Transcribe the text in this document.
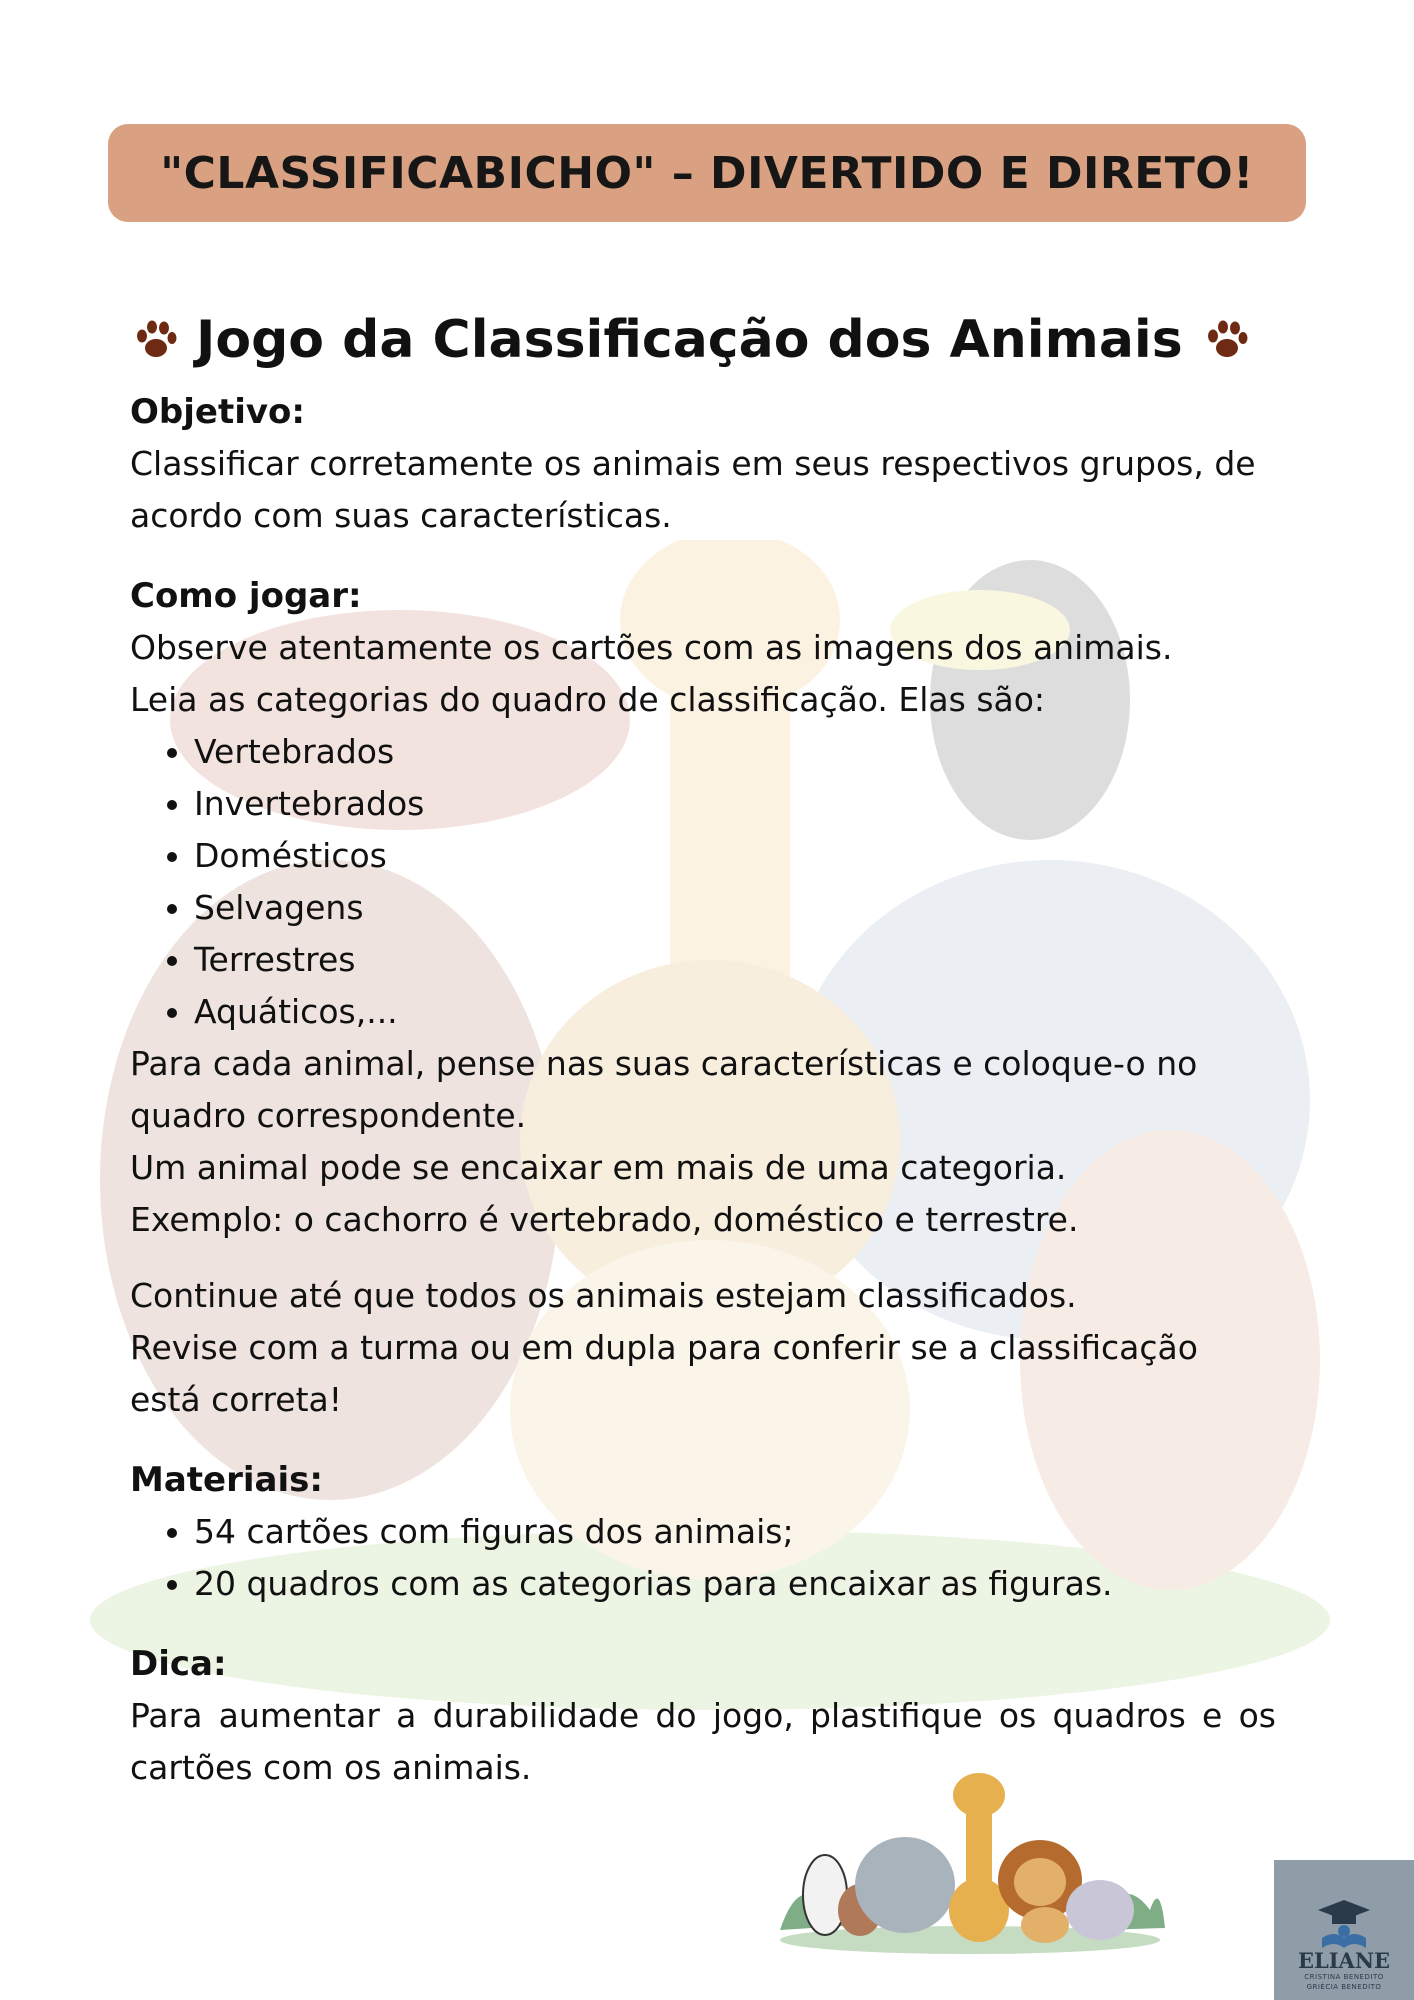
"CLASSIFICABICHO" – DIVERTIDO E DIRETO!
Jogo da Classificação dos Animais

Objetivo:

Classificar corretamente os animais em seus respectivos grupos, de acordo com suas características.

Como jogar:

Observe atentamente os cartões com as imagens dos animais.

Leia as categorias do quadro de classificação. Elas são:

• Vertebrados
• Invertebrados
• Domésticos
• Selvagens
• Terrestres
• Aquáticos,...

Para cada animal, pense nas suas características e coloque-o no quadro correspondente.

Um animal pode se encaixar em mais de uma categoria.

Exemplo: o cachorro é vertebrado, doméstico e terrestre.

Continue até que todos os animais estejam classificados.

Revise com a turma ou em dupla para conferir se a classificação está correta!

Materiais:

• 54 cartões com figuras dos animais;
• 20 quadros com as categorias para encaixar as figuras.

Dica:

Para aumentar a durabilidade do jogo, plastifique os quadros e os cartões com os animais.

ELIANE
CRISTINA BENEDITO
GRIÉCIA BENEDITO
